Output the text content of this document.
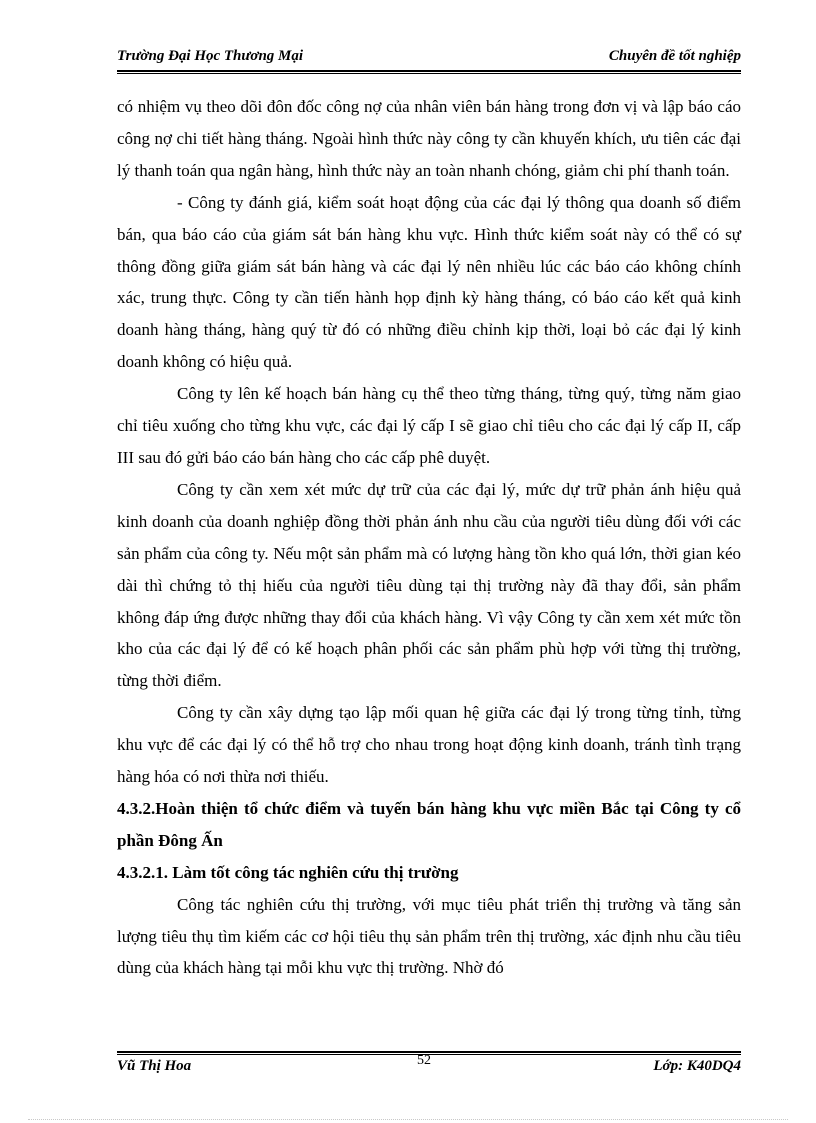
Trường Đại Học Thương Mại	Chuyên đề tốt nghiệp

có nhiệm vụ theo dõi đôn đốc công nợ của nhân viên bán hàng trong đơn vị và lập báo cáo công nợ chi tiết hàng tháng. Ngoài hình thức này công ty cần khuyến khích, ưu tiên các đại lý thanh toán qua ngân hàng, hình thức này an toàn nhanh chóng, giảm chi phí thanh toán.

- Công ty đánh giá, kiểm soát hoạt động của các đại lý thông qua doanh số điểm bán, qua báo cáo của giám sát bán hàng khu vực. Hình thức kiểm soát này có thể có sự thông đồng giữa giám sát bán hàng và các đại lý nên nhiều lúc các báo cáo không chính xác, trung thực. Công ty cần tiến hành họp định kỳ hàng tháng, có báo cáo kết quả kinh doanh hàng tháng, hàng quý từ đó có những điều chỉnh kịp thời, loại bỏ các đại lý kinh doanh không có hiệu quả.

Công ty lên kế hoạch bán hàng cụ thể theo từng tháng, từng quý, từng năm giao chỉ tiêu xuống cho từng khu vực, các đại lý cấp I sẽ giao chỉ tiêu cho các đại lý cấp II, cấp III sau đó gửi báo cáo bán hàng cho các cấp phê duyệt.

Công ty cần xem xét mức dự trữ của các đại lý, mức dự trữ phản ánh hiệu quả kinh doanh của doanh nghiệp đồng thời phản ánh nhu cầu của người tiêu dùng đối với các sản phẩm của công ty. Nếu một sản phẩm mà có lượng hàng tồn kho quá lớn, thời gian kéo dài thì chứng tỏ thị hiếu của người tiêu dùng tại thị trường này đã thay đổi, sản phẩm không đáp ứng được những thay đổi của khách hàng. Vì vậy Công ty cần xem xét mức tồn kho của các đại lý để có kế hoạch phân phối các sản phẩm phù hợp với từng thị trường, từng thời điểm.

Công ty cần xây dựng tạo lập mối quan hệ giữa các đại lý trong từng tỉnh, từng khu vực để các đại lý có thể hỗ trợ cho nhau trong hoạt động kinh doanh, tránh tình trạng hàng hóa có nơi thừa nơi thiếu.

4.3.2.Hoàn thiện tổ chức điểm và tuyến bán hàng khu vực miền Bắc tại Công ty cổ phần Đông Ấn

4.3.2.1. Làm tốt công tác nghiên cứu thị trường

Công tác nghiên cứu thị trường, với mục tiêu phát triển thị trường và tăng sản lượng tiêu thụ tìm kiếm các cơ hội tiêu thụ sản phẩm trên thị trường, xác định nhu cầu tiêu dùng của khách hàng tại mỗi khu vực thị trường. Nhờ đó

Vũ Thị Hoa	52	Lớp: K40DQ4
